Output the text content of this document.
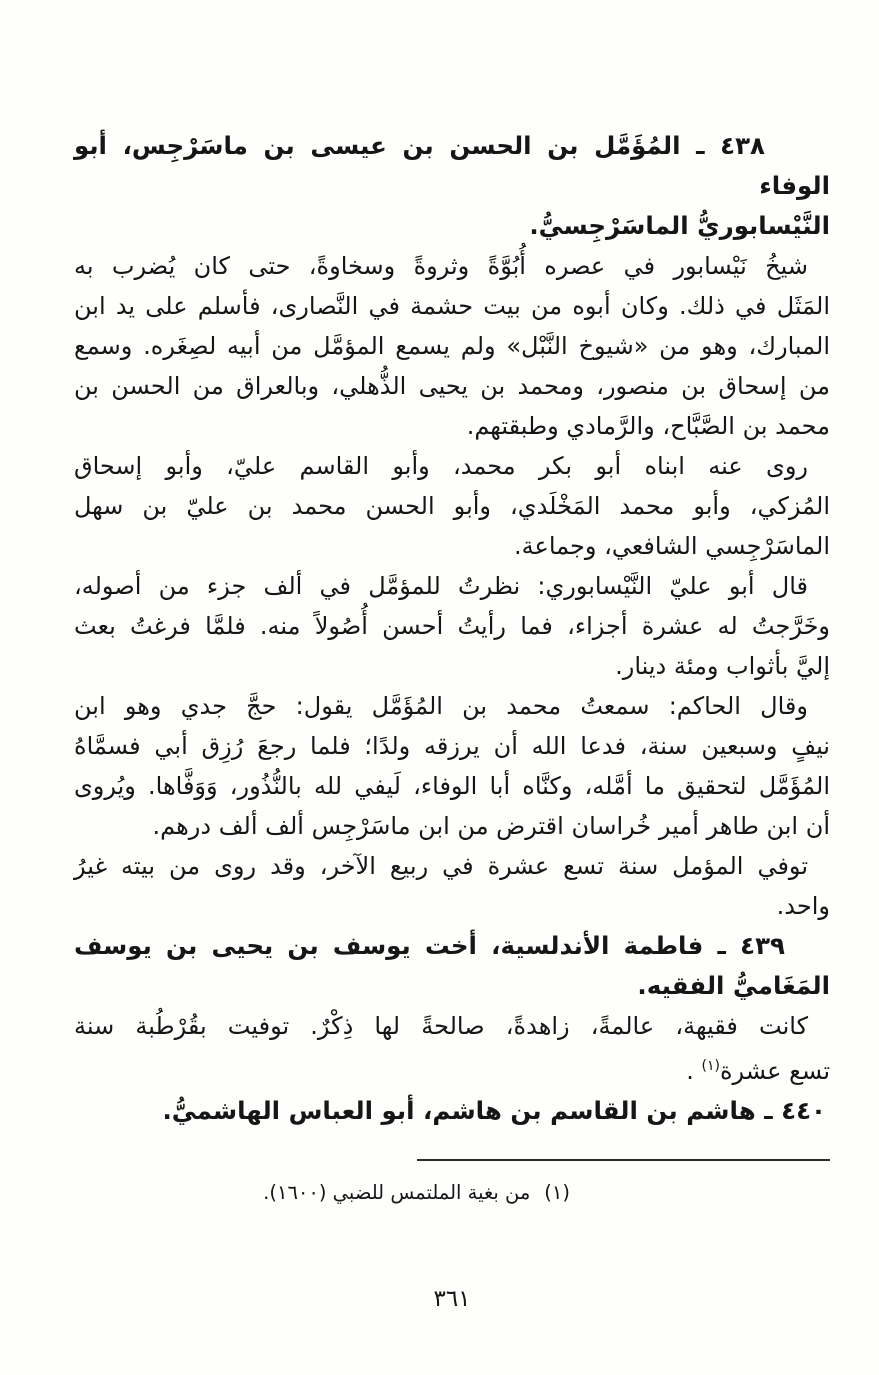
٤٣٨ ـ المُؤَمَّل بن الحسن بن عيسى بن ماسَرْجِس، أبو الوفاء
النَّيْسابوريُّ الماسَرْجِسيُّ.
شيخُ نَيْسابور في عصره أُبُوَّةً وثروةً وسخاوةً، حتى كان يُضرب به
المَثَل في ذلك. وكان أبوه من بيت حشمة في النَّصارى، فأسلم على يد ابن
المبارك، وهو من «شيوخ النَّبْل» ولم يسمع المؤمَّل من أبيه لصِغَره. وسمع
من إسحاق بن منصور، ومحمد بن يحيى الذُّهلي، وبالعراق من الحسن بن
محمد بن الصَّبَّاح، والرَّمادي وطبقتهم.
روى عنه ابناه أبو بكر محمد، وأبو القاسم عليّ، وأبو إسحاق
المُزكي، وأبو محمد المَخْلَدي، وأبو الحسن محمد بن عليّ بن سهل
الماسَرْجِسي الشافعي، وجماعة.
قال أبو عليّ النَّيْسابوري: نظرتُ للمؤمَّل في ألف جزء من أصوله،
وخَرَّجتُ له عشرة أجزاء، فما رأيتُ أحسن أُصُولاً منه. فلمَّا فرغتُ بعث
إليَّ بأثواب ومئة دينار.
وقال الحاكم: سمعتُ محمد بن المُؤَمَّل يقول: حجَّ جدي وهو ابن
نيفٍ وسبعين سنة، فدعا الله أن يرزقه ولدًا؛ فلما رجعَ رُزِق أبي فسمَّاهُ
المُؤَمَّل لتحقيق ما أمَّله، وكنَّاه أبا الوفاء، لَيفي لله بالنُّذُور، وَوَفَّاها. ويُروى
أن ابن طاهر أمير خُراسان اقترض من ابن ماسَرْجِس ألف ألف درهم.
توفي المؤمل سنة تسع عشرة في ربيع الآخر، وقد روى من بيته غيرُ
واحد.
٤٣٩ ـ فاطمة الأندلسية، أخت يوسف بن يحيى بن يوسف
المَغَاميُّ الفقيه.
كانت فقيهة، عالمةً، زاهدةً، صالحةً لها ذِكْرٌ. توفيت بقُرْطُبة سنة
تسع عشرة$^{(١)}$ .
٤٤٠ ـ هاشم بن القاسم بن هاشم، أبو العباس الهاشميُّ.
(١)من بغية الملتمس للضبي (١٦٠٠).
٣٦١
